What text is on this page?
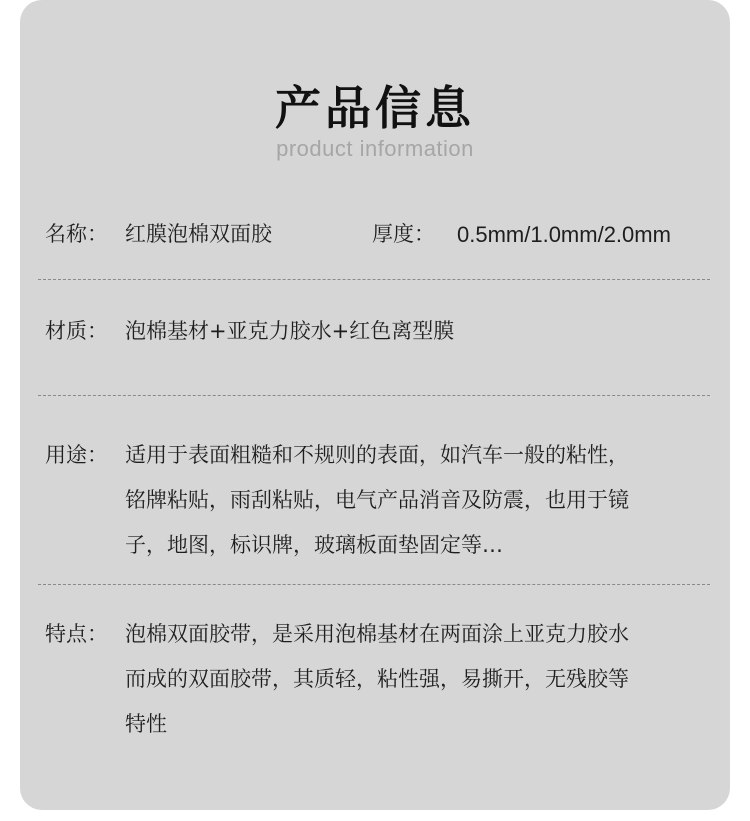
产品信息
product information
名称： 红膜泡棉双面胶	厚度： 0.5mm/1.0mm/2.0mm
材质： 泡棉基材+亚克力胶水+红色离型膜
用途： 适用于表面粗糙和不规则的表面，如汽车一般的粘性，

铭牌粘贴，雨刮粘贴，电气产品消音及防震，也用于镜

子，地图，标识牌，玻璃板面垫固定等…

特点： 泡棉双面胶带，是采用泡棉基材在两面涂上亚克力胶水

而成的双面胶带，其质轻，粘性强，易撕开，无残胶等

特性
